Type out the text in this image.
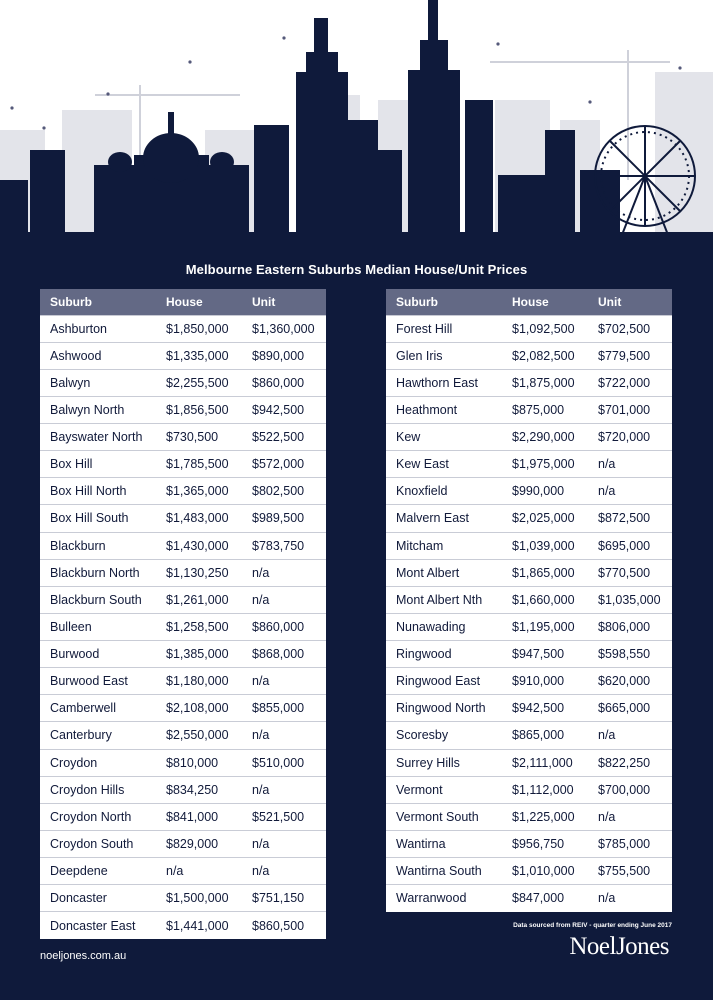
Melbourne Eastern Suburbs Median House/Unit Prices
Suburb	House	Unit
Ashburton	$1,850,000	$1,360,000
Ashwood	$1,335,000	$890,000
Balwyn	$2,255,500	$860,000
Balwyn North	$1,856,500	$942,500
Bayswater North	$730,500	$522,500
Box Hill	$1,785,500	$572,000
Box Hill North	$1,365,000	$802,500
Box Hill South	$1,483,000	$989,500
Blackburn	$1,430,000	$783,750
Blackburn North	$1,130,250	n/a
Blackburn South	$1,261,000	n/a
Bulleen	$1,258,500	$860,000
Burwood	$1,385,000	$868,000
Burwood East	$1,180,000	n/a
Camberwell	$2,108,000	$855,000
Canterbury	$2,550,000	n/a
Croydon	$810,000	$510,000
Croydon Hills	$834,250	n/a
Croydon North	$841,000	$521,500
Croydon South	$829,000	n/a
Deepdene	n/a	n/a
Doncaster	$1,500,000	$751,150
Doncaster East	$1,441,000	$860,500
Suburb	House	Unit
Forest Hill	$1,092,500	$702,500
Glen Iris	$2,082,500	$779,500
Hawthorn East	$1,875,000	$722,000
Heathmont	$875,000	$701,000
Kew	$2,290,000	$720,000
Kew East	$1,975,000	n/a
Knoxfield	$990,000	n/a
Malvern East	$2,025,000	$872,500
Mitcham	$1,039,000	$695,000
Mont Albert	$1,865,000	$770,500
Mont Albert Nth	$1,660,000	$1,035,000
Nunawading	$1,195,000	$806,000
Ringwood	$947,500	$598,550
Ringwood East	$910,000	$620,000
Ringwood North	$942,500	$665,000
Scoresby	$865,000	n/a
Surrey Hills	$2,111,000	$822,250
Vermont	$1,112,000	$700,000
Vermont South	$1,225,000	n/a
Wantirna	$956,750	$785,000
Wantirna South	$1,010,000	$755,500
Warranwood	$847,000	n/a
Data sourced from REIV - quarter ending June 2017
noeljones.com.au	NoelJones
